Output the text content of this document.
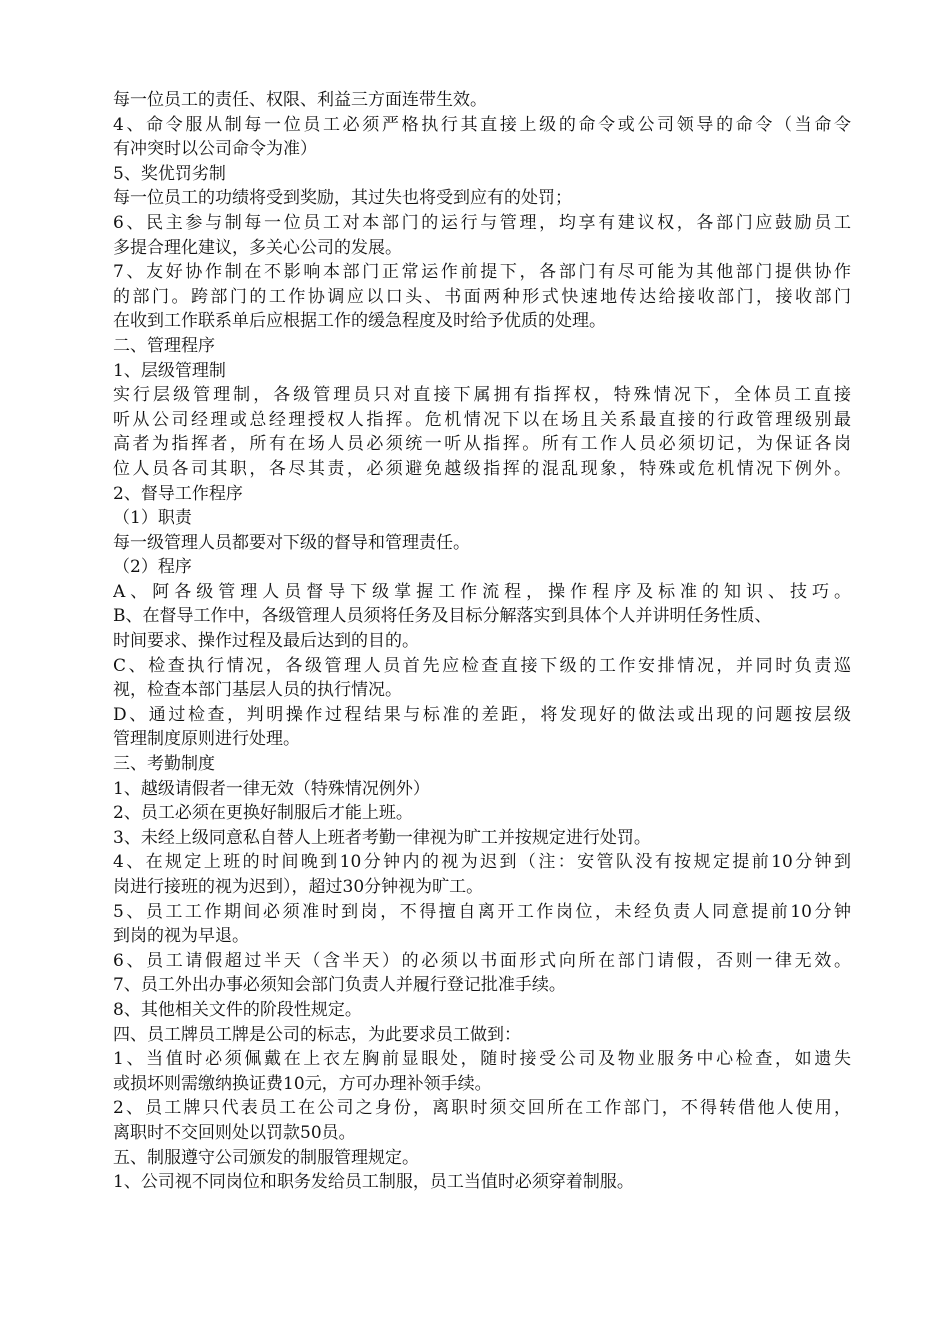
每一位员工的责任、权限、利益三方面连带生效。
4、命令服从制每一位员工必须严格执行其直接上级的命令或公司领导的命令（当命令
有冲突时以公司命令为准）
5、奖优罚劣制
每一位员工的功绩将受到奖励，其过失也将受到应有的处罚；
6、民主参与制每一位员工对本部门的运行与管理，均享有建议权，各部门应鼓励员工
多提合理化建议，多关心公司的发展。
7、友好协作制在不影响本部门正常运作前提下，各部门有尽可能为其他部门提供协作
的部门。跨部门的工作协调应以口头、书面两种形式快速地传达给接收部门，接收部门
在收到工作联系单后应根据工作的缓急程度及时给予优质的处理。
二、管理程序
1、层级管理制
实行层级管理制，各级管理员只对直接下属拥有指挥权，特殊情况下，全体员工直接
听从公司经理或总经理授权人指挥。危机情况下以在场且关系最直接的行政管理级别最
高者为指挥者，所有在场人员必须统一听从指挥。所有工作人员必须切记，为保证各岗
位人员各司其职，各尽其责，必须避免越级指挥的混乱现象，特殊或危机情况下例外。
2、督导工作程序
（1）职责
每一级管理人员都要对下级的督导和管理责任。
（2）程序
A、阿各级管理人员督导下级掌握工作流程，操作程序及标准的知识、技巧。
B、在督导工作中，各级管理人员须将任务及目标分解落实到具体个人并讲明任务性质、
时间要求、操作过程及最后达到的目的。
C、检查执行情况，各级管理人员首先应检查直接下级的工作安排情况，并同时负责巡
视，检查本部门基层人员的执行情况。
D、通过检查，判明操作过程结果与标准的差距，将发现好的做法或出现的问题按层级
管理制度原则进行处理。
三、考勤制度
1、越级请假者一律无效（特殊情况例外）
2、员工必须在更换好制服后才能上班。
3、未经上级同意私自替人上班者考勤一律视为旷工并按规定进行处罚。
4、在规定上班的时间晚到10分钟内的视为迟到（注：安管队没有按规定提前10分钟到
岗进行接班的视为迟到），超过30分钟视为旷工。
5、员工工作期间必须准时到岗，不得擅自离开工作岗位，未经负责人同意提前10分钟
到岗的视为早退。
6、员工请假超过半天（含半天）的必须以书面形式向所在部门请假，否则一律无效。
7、员工外出办事必须知会部门负责人并履行登记批准手续。
8、其他相关文件的阶段性规定。
四、员工牌员工牌是公司的标志，为此要求员工做到：
1、当值时必须佩戴在上衣左胸前显眼处，随时接受公司及物业服务中心检查，如遗失
或损坏则需缴纳换证费10元，方可办理补领手续。
2、员工牌只代表员工在公司之身份，离职时须交回所在工作部门，不得转借他人使用，
离职时不交回则处以罚款50员。
五、制服遵守公司颁发的制服管理规定。
1、公司视不同岗位和职务发给员工制服，员工当值时必须穿着制服。
